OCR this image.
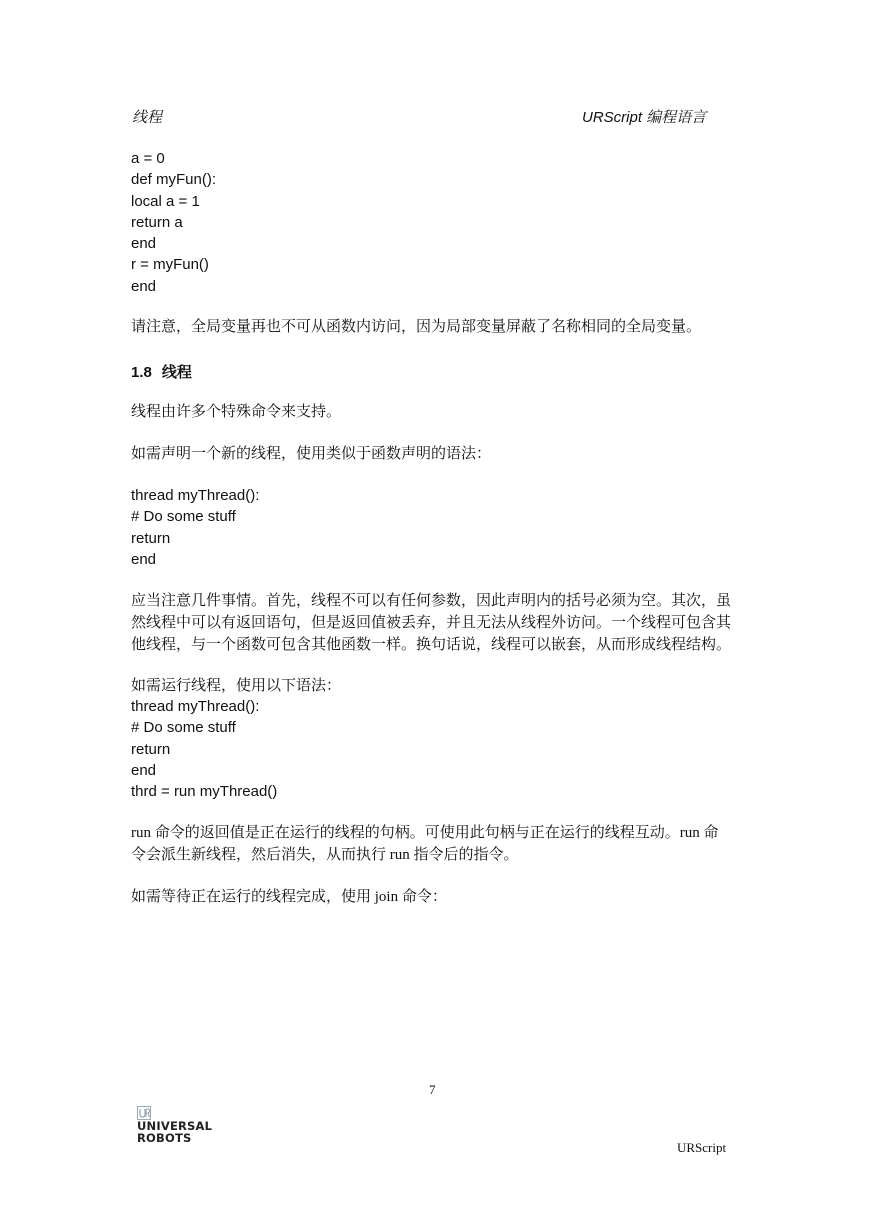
线程	URScript 编程语言
a = 0
def myFun():
local a = 1
return a
end
r = myFun()
end
请注意，全局变量再也不可从函数内访问，因为局部变量屏蔽了名称相同的全局变量。
1.8 线程
线程由许多个特殊命令来支持。
如需声明一个新的线程，使用类似于函数声明的语法：
thread myThread():
# Do some stuff
return
end
应当注意几件事情。首先，线程不可以有任何参数，因此声明内的括号必须为空。其次，虽
然线程中可以有返回语句，但是返回值被丢弃，并且无法从线程外访问。一个线程可包含其
他线程，与一个函数可包含其他函数一样。换句话说，线程可以嵌套，从而形成线程结构。
如需运行线程，使用以下语法：
thread myThread():
# Do some stuff
return
end
thrd = run myThread()
run 命令的返回值是正在运行的线程的句柄。可使用此句柄与正在运行的线程互动。run 命
令会派生新线程，然后消失，从而执行 run 指令后的指令。
如需等待正在运行的线程完成，使用 join 命令：
7
UNIVERSAL
ROBOTS
URScript
